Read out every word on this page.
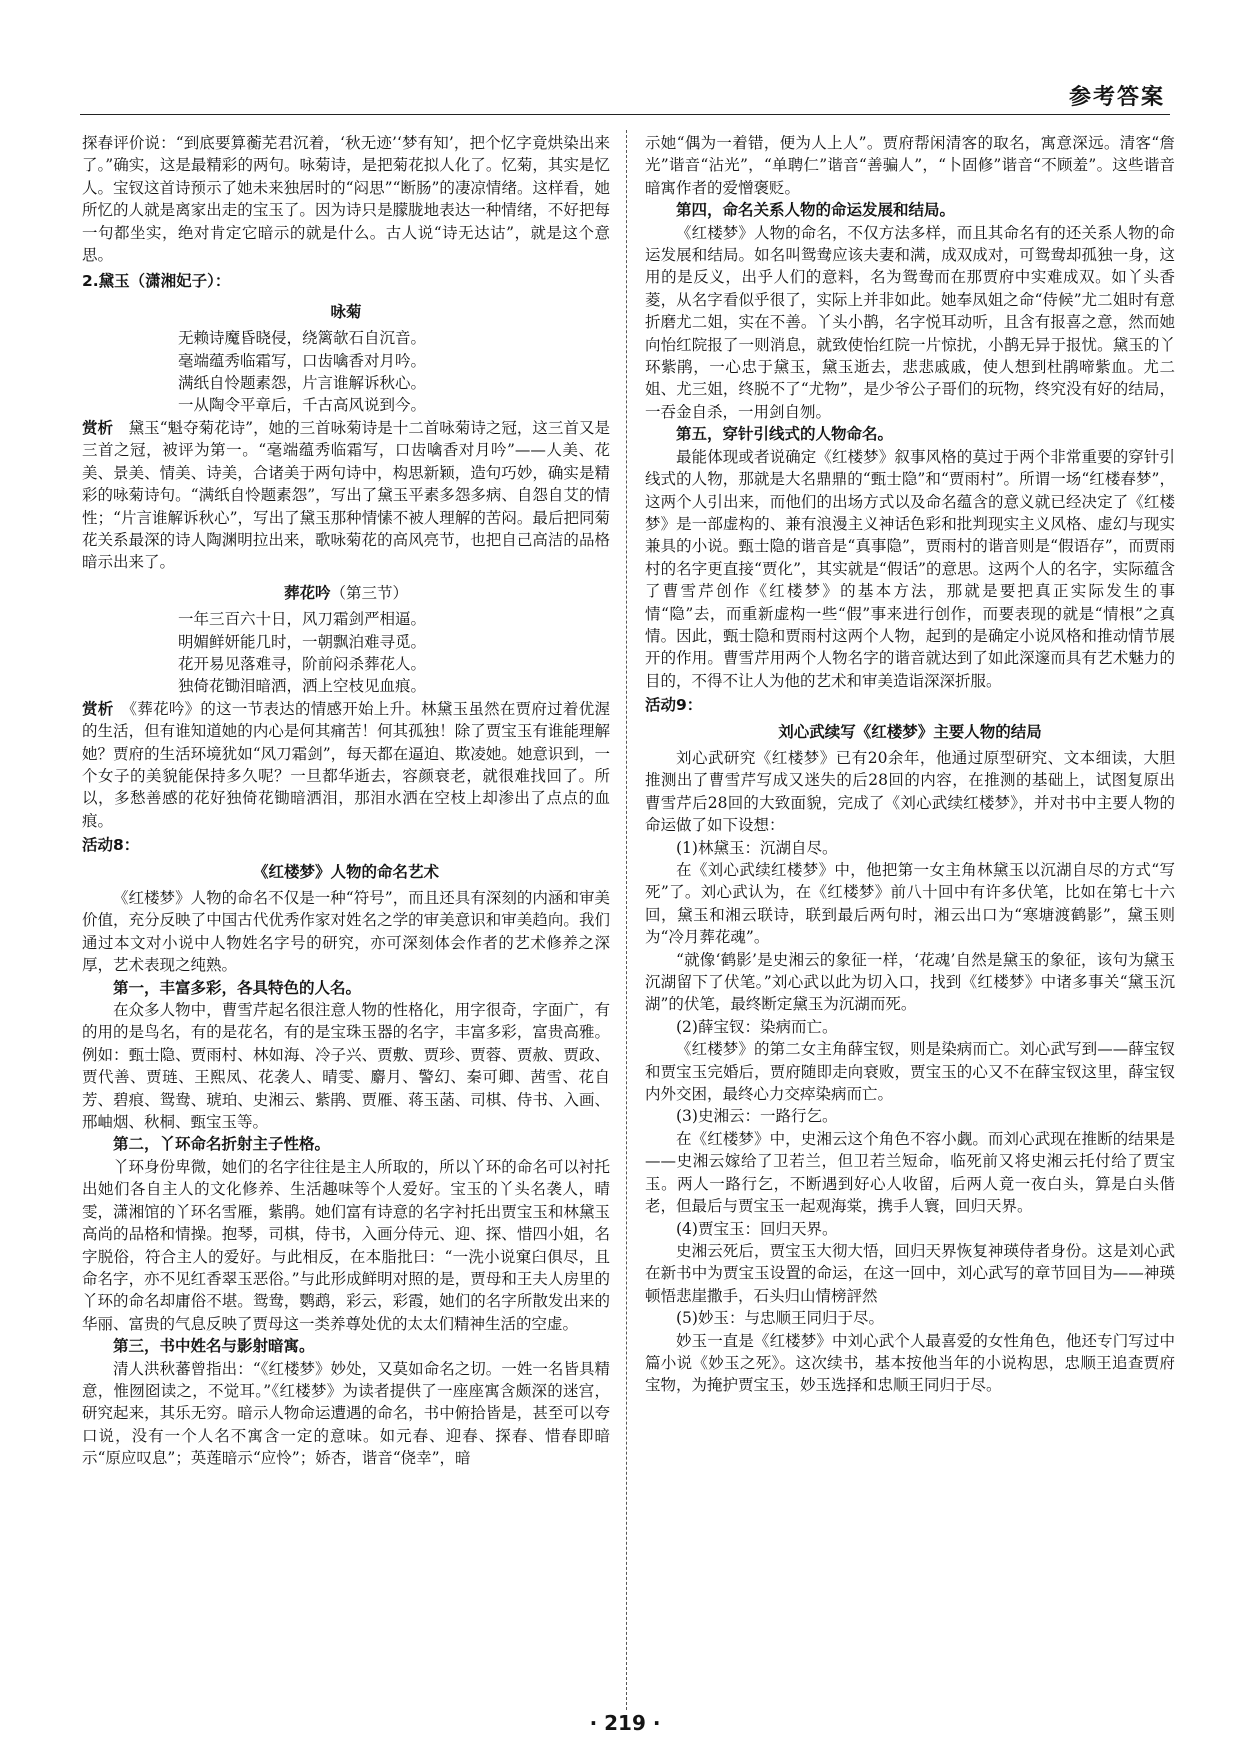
参考答案

探春评价说：“到底要算蘅芜君沉着，‘秋无迹’‘梦有知’，把个忆字竟烘染出来了。”确实，这是最精彩的两句。咏菊诗，是把菊花拟人化了。忆菊，其实是忆人。宝钗这首诗预示了她未来独居时的“闷思”“断肠”的凄凉情绪。这样看，她所忆的人就是离家出走的宝玉了。因为诗只是朦胧地表达一种情绪，不好把每一句都坐实，绝对肯定它暗示的就是什么。古人说“诗无达诂”，就是这个意思。

2.黛玉（潇湘妃子）：

咏菊
无赖诗魔昏晓侵，绕篱欹石自沉音。
毫端蕴秀临霜写，口齿噙香对月吟。
满纸自怜题素怨，片言谁解诉秋心。
一从陶令平章后，千古高风说到今。

赏析　 黛玉“魁夺菊花诗”，她的三首咏菊诗是十二首咏菊诗之冠，这三首又是三首之冠，被评为第一。“毫端蕴秀临霜写，口齿噙香对月吟”——人美、花美、景美、情美、诗美，合诸美于两句诗中，构思新颖，造句巧妙，确实是精彩的咏菊诗句。“满纸自怜题素怨”，写出了黛玉平素多怨多病、自怨自艾的情性；“片言谁解诉秋心”，写出了黛玉那种情愫不被人理解的苦闷。最后把同菊花关系最深的诗人陶渊明拉出来，歌咏菊花的高风亮节，也把自己高洁的品格暗示出来了。

葬花吟（第三节）
一年三百六十日，风刀霜剑严相逼。
明媚鲜妍能几时，一朝飘泊难寻觅。
花开易见落难寻，阶前闷杀葬花人。
独倚花锄泪暗洒，洒上空枝见血痕。

赏析　 《葬花吟》的这一节表达的情感开始上升。林黛玉虽然在贾府过着优渥的生活，但有谁知道她的内心是何其痛苦！何其孤独！除了贾宝玉有谁能理解她？贾府的生活环境犹如“风刀霜剑”，每天都在逼迫、欺凌她。她意识到，一个女子的美貌能保持多久呢？一旦都华逝去，容颜衰老，就很难找回了。所以，多愁善感的花好独倚花锄暗洒泪，那泪水洒在空枝上却渗出了点点的血痕。

活动8：
《红楼梦》人物的命名艺术

《红楼梦》人物的命名不仅是一种“符号”，而且还具有深刻的内涵和审美价值，充分反映了中国古代优秀作家对姓名之学的审美意识和审美趋向。我们通过本文对小说中人物姓名字号的研究，亦可深刻体会作者的艺术修养之深厚，艺术表现之纯熟。

第一，丰富多彩，各具特色的人名。

在众多人物中，曹雪芹起名很注意人物的性格化，用字很奇，字面广，有的用的是鸟名，有的是花名，有的是宝珠玉器的名字，丰富多彩，富贵高雅。例如：甄士隐、贾雨村、林如海、冷子兴、贾敷、贾珍、贾蓉、贾赦、贾政、贾代善、贾琏、王熙凤、花袭人、晴雯、麝月、警幻、秦可卿、茜雪、花自芳、碧痕、鸳鸯、琥珀、史湘云、紫鹃、贾雁、蒋玉菡、司棋、侍书、入画、邢岫烟、秋桐、甄宝玉等。

第二，丫环命名折射主子性格。

丫环身份卑微，她们的名字往往是主人所取的，所以丫环的命名可以衬托出她们各自主人的文化修养、生活趣味等个人爱好。宝玉的丫头名袭人，晴雯，潇湘馆的丫环名雪雁，紫鹃。她们富有诗意的名字衬托出贾宝玉和林黛玉高尚的品格和情操。抱琴，司棋，侍书，入画分侍元、迎、探、惜四小姐，名字脱俗，符合主人的爱好。与此相反，在本脂批曰：“一洗小说窠臼俱尽，且命名字，亦不见红香翠玉恶俗。”与此形成鲜明对照的是，贾母和王夫人房里的丫环的命名却庸俗不堪。鸳鸯，鹦鹉，彩云，彩霞，她们的名字所散发出来的华丽、富贵的气息反映了贾母这一类养尊处优的太太们精神生活的空虚。

第三，书中姓名与影射暗寓。

清人洪秋蕃曾指出：“《红楼梦》妙处，又莫如命名之切。一姓一名皆具精意，惟囫囵读之，不觉耳。”《红楼梦》为读者提供了一座座寓含颇深的迷宫，研究起来，其乐无穷。暗示人物命运遭遇的命名，书中俯拾皆是，甚至可以夸口说，没有一个人名不寓含一定的意味。如元春、迎春、探春、惜春即暗示“原应叹息”；英莲暗示“应怜”；娇杏，谐音“侥幸”，暗

示她“偶为一着错，便为人上人”。贾府帮闲清客的取名，寓意深远。清客“詹光”谐音“沾光”，“单聘仁”谐音“善骗人”，“卜固修”谐音“不顾羞”。这些谐音暗寓作者的爱憎褒贬。

第四，命名关系人物的命运发展和结局。

《红楼梦》人物的命名，不仅方法多样，而且其命名有的还关系人物的命运发展和结局。如名叫鸳鸯应该夫妻和满，成双成对，可鸳鸯却孤独一身，这用的是反义，出乎人们的意料，名为鸳鸯而在那贾府中实难成双。如丫头香菱，从名字看似乎很了，实际上并非如此。她奉凤姐之命“侍候”尤二姐时有意折磨尤二姐，实在不善。丫头小鹊，名字悦耳动听，且含有报喜之意，然而她向怡红院报了一则消息，就致使怡红院一片惊扰，小鹊无异于报忧。黛玉的丫环紫鹃，一心忠于黛玉，黛玉逝去，悲悲戚戚，使人想到杜鹃啼紫血。尤二姐、尤三姐，终脱不了“尤物”，是少爷公子哥们的玩物，终究没有好的结局，一吞金自杀，一用剑自刎。

第五，穿针引线式的人物命名。

最能体现或者说确定《红楼梦》叙事风格的莫过于两个非常重要的穿针引线式的人物，那就是大名鼎鼎的“甄士隐”和“贾雨村”。所谓一场“红楼春梦”，这两个人引出来，而他们的出场方式以及命名蕴含的意义就已经决定了《红楼梦》是一部虚构的、兼有浪漫主义神话色彩和批判现实主义风格、虚幻与现实兼具的小说。甄士隐的谐音是“真事隐”，贾雨村的谐音则是“假语存”，而贾雨村的名字更直接“贾化”，其实就是“假话”的意思。这两个人的名字，实际蕴含了曹雪芹创作《红楼梦》的基本方法，那就是要把真正实际发生的事情“隐”去，而重新虚构一些“假”事来进行创作，而要表现的就是“情根”之真情。因此，甄士隐和贾雨村这两个人物，起到的是确定小说风格和推动情节展开的作用。曹雪芹用两个人物名字的谐音就达到了如此深邃而具有艺术魅力的目的，不得不让人为他的艺术和审美造诣深深折服。

活动9：
刘心武续写《红楼梦》主要人物的结局

刘心武研究《红楼梦》已有20余年，他通过原型研究、文本细读，大胆推测出了曹雪芹写成又迷失的后28回的内容，在推测的基础上，试图复原出曹雪芹后28回的大致面貌，完成了《刘心武续红楼梦》，并对书中主要人物的命运做了如下设想：

(1)林黛玉：沉湖自尽。

在《刘心武续红楼梦》中，他把第一女主角林黛玉以沉湖自尽的方式“写死”了。刘心武认为，在《红楼梦》前八十回中有许多伏笔，比如在第七十六回，黛玉和湘云联诗，联到最后两句时，湘云出口为“寒塘渡鹤影”，黛玉则为“冷月葬花魂”。

“就像‘鹤影’是史湘云的象征一样，‘花魂’自然是黛玉的象征，该句为黛玉沉湖留下了伏笔。”刘心武以此为切入口，找到《红楼梦》中诸多事关“黛玉沉湖”的伏笔，最终断定黛玉为沉湖而死。

(2)薛宝钗：染病而亡。

《红楼梦》的第二女主角薛宝钗，则是染病而亡。刘心武写到——薛宝钗和贾宝玉完婚后，贾府随即走向衰败，贾宝玉的心又不在薛宝钗这里，薛宝钗内外交困，最终心力交瘁染病而亡。

(3)史湘云：一路行乞。

在《红楼梦》中，史湘云这个角色不容小觑。而刘心武现在推断的结果是——史湘云嫁给了卫若兰，但卫若兰短命，临死前又将史湘云托付给了贾宝玉。两人一路行乞，不断遇到好心人收留，后两人竟一夜白头，算是白头偕老，但最后与贾宝玉一起观海棠，携手人寰，回归天界。

(4)贾宝玉：回归天界。

史湘云死后，贾宝玉大彻大悟，回归天界恢复神瑛侍者身份。这是刘心武在新书中为贾宝玉设置的命运，在这一回中，刘心武写的章节回目为——神瑛顿悟悲崖撒手，石头归山情榜評然

(5)妙玉：与忠顺王同归于尽。

妙玉一直是《红楼梦》中刘心武个人最喜爱的女性角色，他还专门写过中篇小说《妙玉之死》。这次续书，基本按他当年的小说构思，忠顺王追查贾府宝物，为掩护贾宝玉，妙玉选择和忠顺王同归于尽。

· 219 ·
